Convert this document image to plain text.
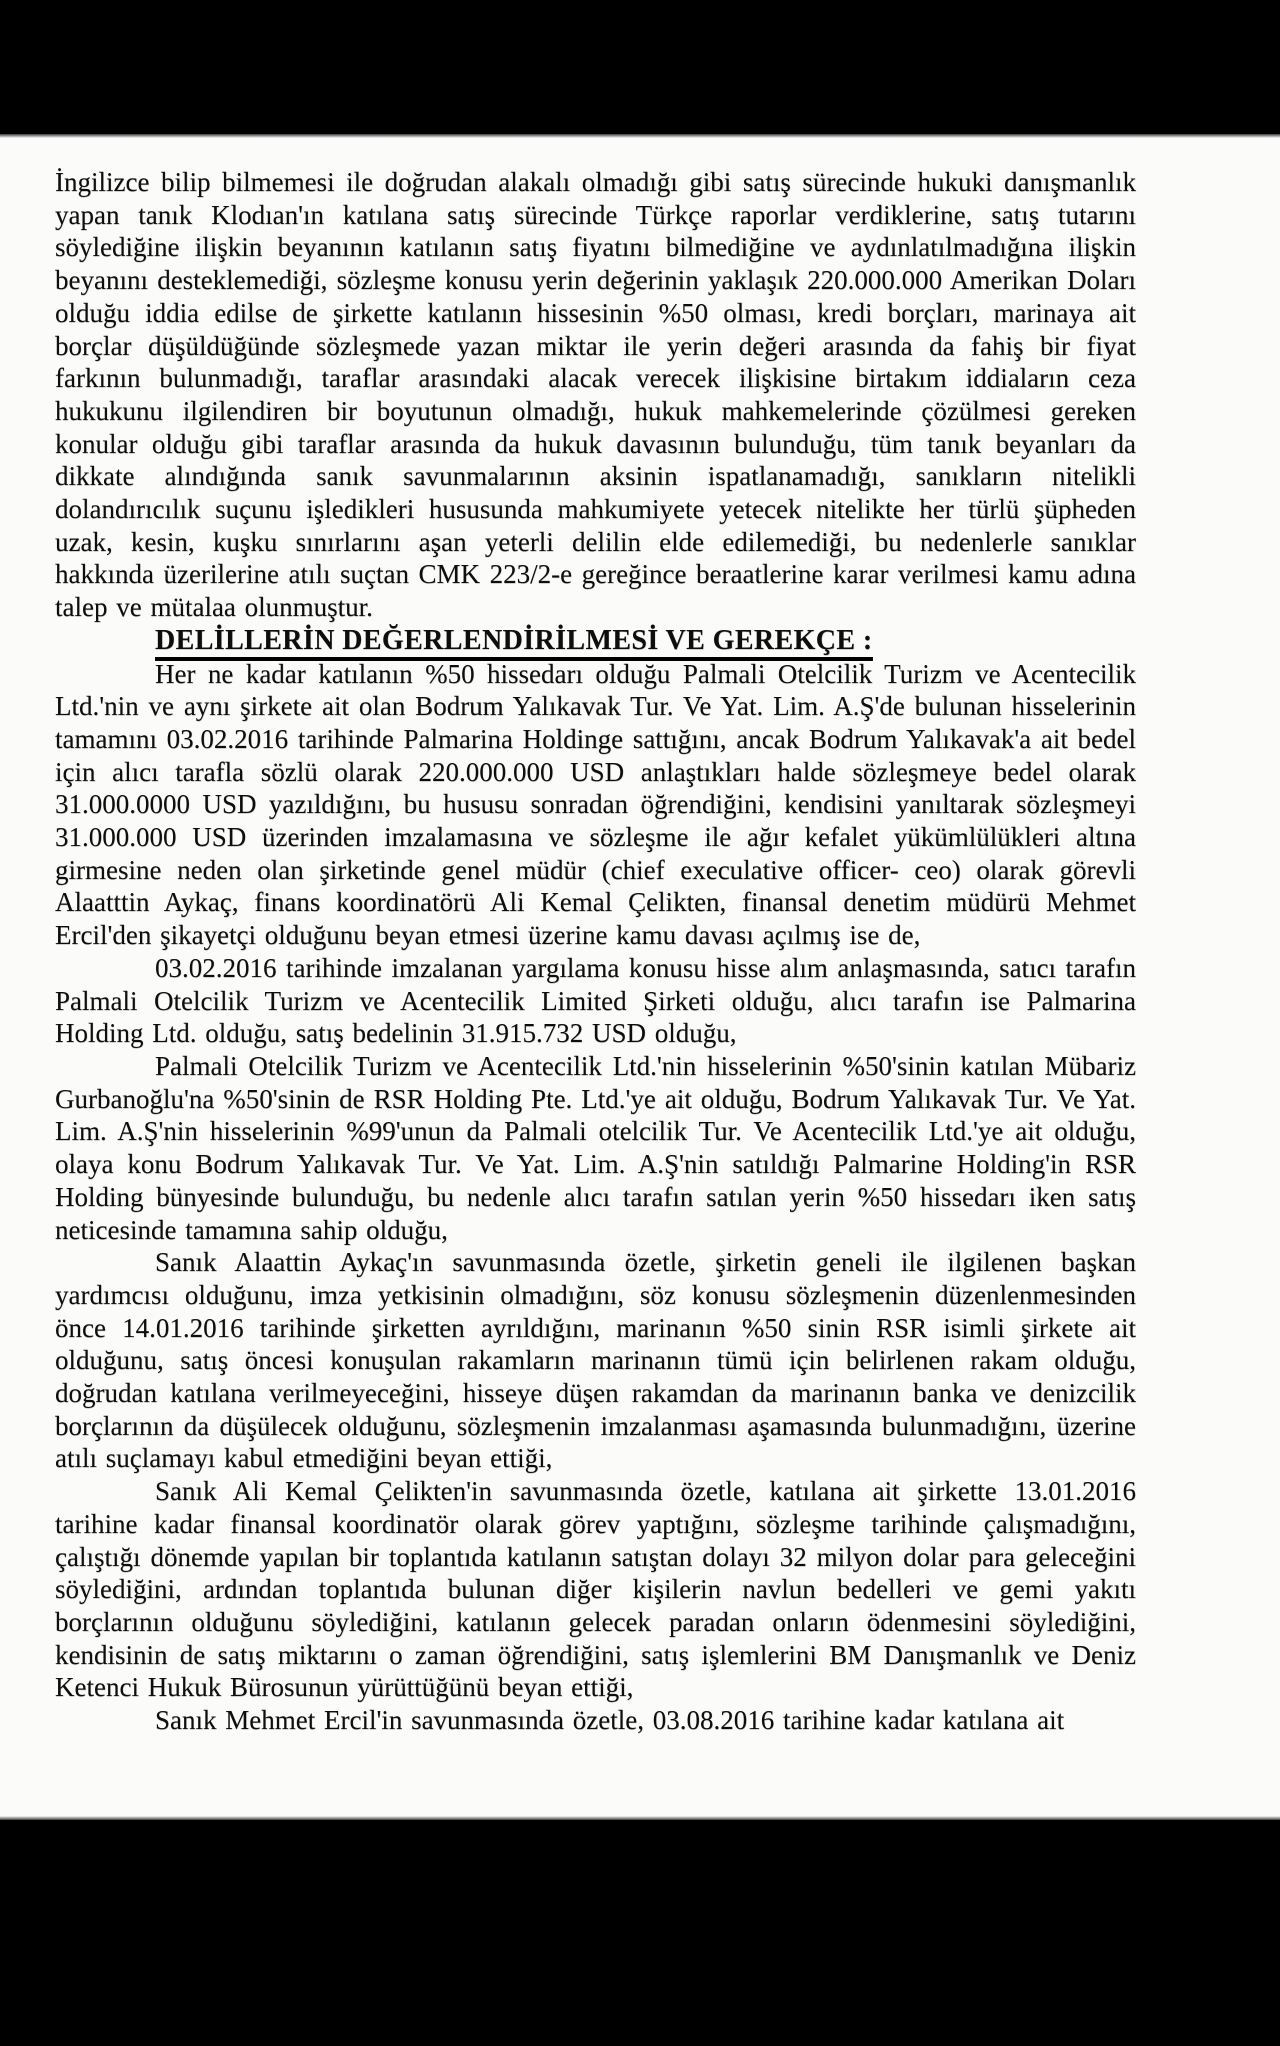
İngilizce bilip bilmemesi ile doğrudan alakalı olmadığı gibi satış sürecinde hukuki danışmanlık yapan tanık Klodıan'ın katılana satış sürecinde Türkçe raporlar verdiklerine, satış tutarını söylediğine ilişkin beyanının katılanın satış fiyatını bilmediğine ve aydınlatılmadığına ilişkin beyanını desteklemediği, sözleşme konusu yerin değerinin yaklaşık 220.000.000 Amerikan Doları olduğu iddia edilse de şirkette katılanın hissesinin %50 olması, kredi borçları, marinaya ait borçlar düşüldüğünde sözleşmede yazan miktar ile yerin değeri arasında da fahiş bir fiyat farkının bulunmadığı, taraflar arasındaki alacak verecek ilişkisine birtakım iddiaların ceza hukukunu ilgilendiren bir boyutunun olmadığı, hukuk mahkemelerinde çözülmesi gereken konular olduğu gibi taraflar arasında da hukuk davasının bulunduğu, tüm tanık beyanları da dikkate alındığında sanık savunmalarının aksinin ispatlanamadığı, sanıkların nitelikli dolandırıcılık suçunu işledikleri hususunda mahkumiyete yetecek nitelikte her türlü şüpheden uzak, kesin, kuşku sınırlarını aşan yeterli delilin elde edilemediği, bu nedenlerle sanıklar hakkında üzerilerine atılı suçtan CMK 223/2-e gereğince beraatlerine karar verilmesi kamu adına talep ve mütalaa olunmuştur.

DELİLLERİN DEĞERLENDİRİLMESİ VE GEREKÇE :

Her ne kadar katılanın %50 hissedarı olduğu Palmali Otelcilik Turizm ve Acentecilik Ltd.'nin ve aynı şirkete ait olan Bodrum Yalıkavak Tur. Ve Yat. Lim. A.Ş'de bulunan hisselerinin tamamını 03.02.2016 tarihinde Palmarina Holdinge sattığını, ancak Bodrum Yalıkavak'a ait bedel için alıcı tarafla sözlü olarak 220.000.000 USD anlaştıkları halde sözleşmeye bedel olarak 31.000.0000 USD yazıldığını, bu hususu sonradan öğrendiğini, kendisini yanıltarak sözleşmeyi 31.000.000 USD üzerinden imzalamasına ve sözleşme ile ağır kefalet yükümlülükleri altına girmesine neden olan şirketinde genel müdür (chief execulative officer- ceo) olarak görevli Alaatttin Aykaç, finans koordinatörü Ali Kemal Çelikten, finansal denetim müdürü Mehmet Ercil'den şikayetçi olduğunu beyan etmesi üzerine kamu davası açılmış ise de,

03.02.2016 tarihinde imzalanan yargılama konusu hisse alım anlaşmasında, satıcı tarafın Palmali Otelcilik Turizm ve Acentecilik Limited Şirketi olduğu, alıcı tarafın ise Palmarina Holding Ltd. olduğu, satış bedelinin 31.915.732 USD olduğu,

Palmali Otelcilik Turizm ve Acentecilik Ltd.'nin hisselerinin %50'sinin katılan Mübariz Gurbanoğlu'na %50'sinin de RSR Holding Pte. Ltd.'ye ait olduğu, Bodrum Yalıkavak Tur. Ve Yat. Lim. A.Ş'nin hisselerinin %99'unun da Palmali otelcilik Tur. Ve Acentecilik Ltd.'ye ait olduğu, olaya konu Bodrum Yalıkavak Tur. Ve Yat. Lim. A.Ş'nin satıldığı Palmarine Holding'in RSR Holding bünyesinde bulunduğu, bu nedenle alıcı tarafın satılan yerin %50 hissedarı iken satış neticesinde tamamına sahip olduğu,

Sanık Alaattin Aykaç'ın savunmasında özetle, şirketin geneli ile ilgilenen başkan yardımcısı olduğunu, imza yetkisinin olmadığını, söz konusu sözleşmenin düzenlenmesinden önce 14.01.2016 tarihinde şirketten ayrıldığını, marinanın %50 sinin RSR isimli şirkete ait olduğunu, satış öncesi konuşulan rakamların marinanın tümü için belirlenen rakam olduğu, doğrudan katılana verilmeyeceğini, hisseye düşen rakamdan da marinanın banka ve denizcilik borçlarının da düşülecek olduğunu, sözleşmenin imzalanması aşamasında bulunmadığını, üzerine atılı suçlamayı kabul etmediğini beyan ettiği,

Sanık Ali Kemal Çelikten'in savunmasında özetle, katılana ait şirkette 13.01.2016 tarihine kadar finansal koordinatör olarak görev yaptığını, sözleşme tarihinde çalışmadığını, çalıştığı dönemde yapılan bir toplantıda katılanın satıştan dolayı 32 milyon dolar para geleceğini söylediğini, ardından toplantıda bulunan diğer kişilerin navlun bedelleri ve gemi yakıtı borçlarının olduğunu söylediğini, katılanın gelecek paradan onların ödenmesini söylediğini, kendisinin de satış miktarını o zaman öğrendiğini, satış işlemlerini BM Danışmanlık ve Deniz Ketenci Hukuk Bürosunun yürüttüğünü beyan ettiği,

Sanık Mehmet Ercil'in savunmasında özetle, 03.08.2016 tarihine kadar katılana ait
